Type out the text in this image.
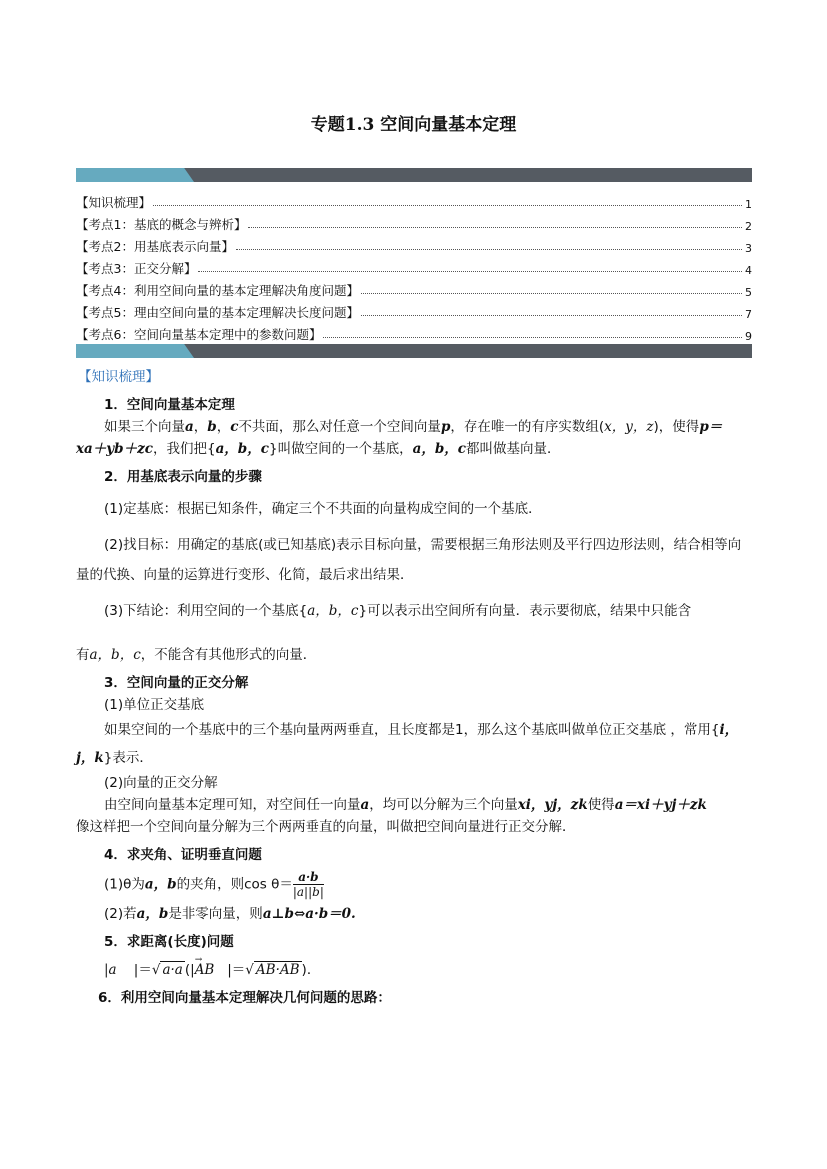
专题1.3 空间向量基本定理
【知识梳理】	1
【考点1：基底的概念与辨析】	2
【考点2：用基底表示向量】	3
【考点3：正交分解】	4
【考点4：利用空间向量的基本定理解决角度问题】	5
【考点5：理由空间向量的基本定理解决长度问题】	7
【考点6：空间向量基本定理中的参数问题】	9
【知识梳理】
1．空间向量基本定理
如果三个向量a，b，c不共面，那么对任意一个空间向量p，存在唯一的有序实数组(x，y，z)，使得p＝
xa＋yb＋zc，我们把{a，b，c}叫做空间的一个基底，a，b，c都叫做基向量．
2．用基底表示向量的步骤
(1)定基底：根据已知条件，确定三个不共面的向量构成空间的一个基底．
(2)找目标：用确定的基底(或已知基底)表示目标向量，需要根据三角形法则及平行四边形法则，结合相等向量的代换、向量的运算进行变形、化简，最后求出结果．
(3)下结论：利用空间的一个基底{a，b，c}可以表示出空间所有向量．表示要彻底，结果中只能含
有a，b，c，不能含有其他形式的向量．
3．空间向量的正交分解
(1)单位正交基底
如果空间的一个基底中的三个基向量两两垂直，且长度都是1，那么这个基底叫做单位正交基底 ，常用{i，j，k}表示．
(2)向量的正交分解
由空间向量基本定理可知，对空间任一向量a，均可以分解为三个向量xi，yj，zk使得a＝xi＋yj＋zk
像这样把一个空间向量分解为三个两两垂直的向量，叫做把空间向量进行正交分解．
4．求夹角、证明垂直问题
(1)θ为a，b的夹角，则$\cos \theta= \frac{a\cdot b}{|a||b|}$
(2)若a，b是非零向量，则a⊥b⇔a·b＝0.
5．求距离(长度)问题
|a |＝√ a·a (|→ AB |＝√ AB·AB )．
6．利用空间向量基本定理解决几何问题的思路：
